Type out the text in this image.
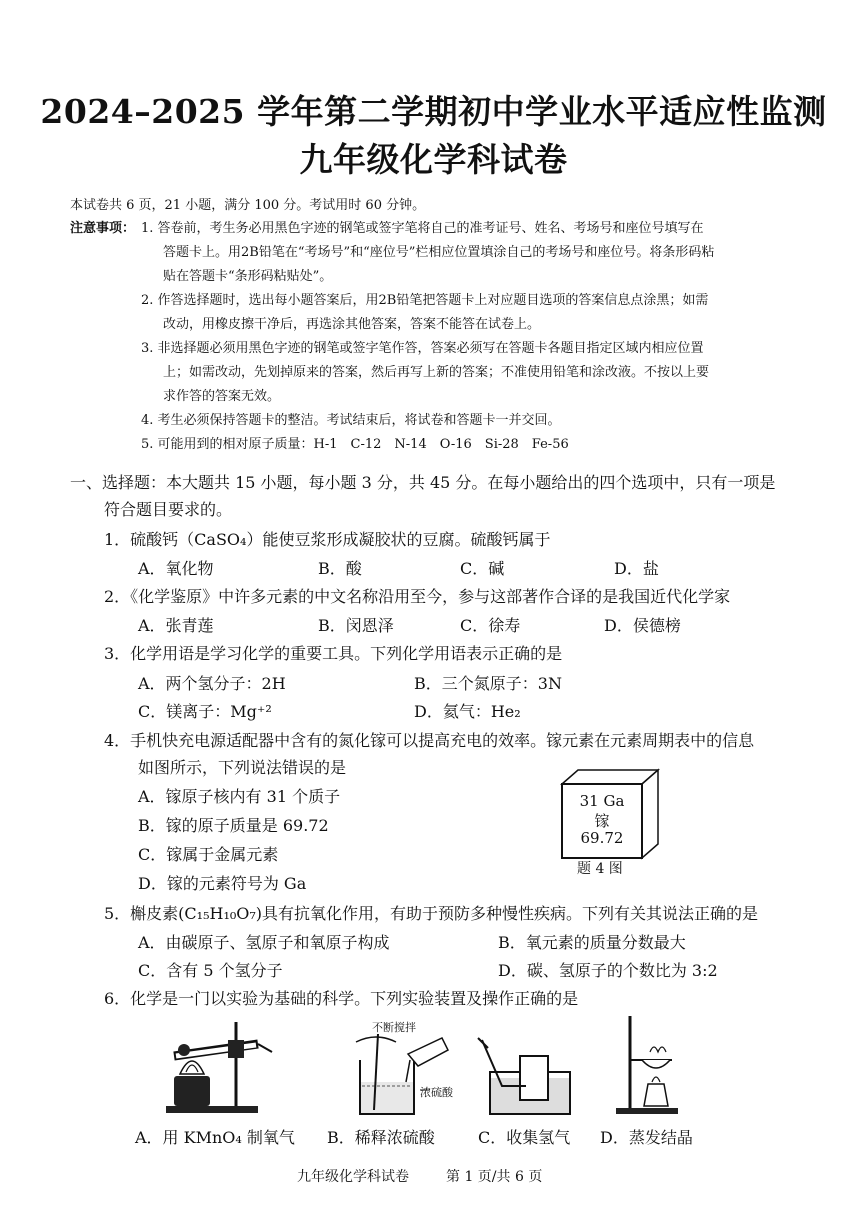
2024–2025 学年第二学期初中学业水平适应性监测
九年级化学科试卷
本试卷共 6 页，21 小题，满分 100 分。考试用时 60 分钟。
注意事项： 1. 答卷前，考生务必用黑色字迹的钢笔或签字笔将自己的准考证号、姓名、考场号和座位号填写在
答题卡上。用2B铅笔在“考场号”和“座位号”栏相应位置填涂自己的考场号和座位号。将条形码粘
贴在答题卡“条形码粘贴处”。
2. 作答选择题时，选出每小题答案后，用2B铅笔把答题卡上对应题目选项的答案信息点涂黑；如需
改动，用橡皮擦干净后，再选涂其他答案，答案不能答在试卷上。
3. 非选择题必须用黑色字迹的钢笔或签字笔作答，答案必须写在答题卡各题目指定区域内相应位置
上；如需改动，先划掉原来的答案，然后再写上新的答案；不准使用铅笔和涂改液。不按以上要
求作答的答案无效。
4. 考生必须保持答题卡的整洁。考试结束后，将试卷和答题卡一并交回。
5. 可能用到的相对原子质量：H-1　C-12　N-14　O-16　Si-28　Fe-56
一、选择题：本大题共 15 小题，每小题 3 分，共 45 分。在每小题给出的四个选项中，只有一项是
符合题目要求的。
1．硫酸钙（CaSO₄）能使豆浆形成凝胶状的豆腐。硫酸钙属于
A．氧化物	B．酸	C．碱	D．盐
2．《化学鉴原》中许多元素的中文名称沿用至今，参与这部著作合译的是我国近代化学家
A．张青莲	B．闵恩泽	C．徐寿	D．侯德榜
3．化学用语是学习化学的重要工具。下列化学用语表示正确的是
A．两个氢分子：2H	B．三个氮原子：3N
C．镁离子：Mg⁺²	D．氦气：He₂
4．手机快充电源适配器中含有的氮化镓可以提高充电的效率。镓元素在元素周期表中的信息
如图所示，下列说法错误的是
A．镓原子核内有 31 个质子
B．镓的原子质量是 69.72
C．镓属于金属元素
D．镓的元素符号为 Ga
31 Ga
镓
69.72
题 4 图
5．槲皮素(C₁₅H₁₀O₇)具有抗氧化作用，有助于预防多种慢性疾病。下列有关其说法正确的是
A．由碳原子、氢原子和氧原子构成	B．氧元素的质量分数最大
C．含有 5 个氢分子	D．碳、氢原子的个数比为 3:2
6．化学是一门以实验为基础的科学。下列实验装置及操作正确的是
A．用 KMnO₄ 制氧气
不断搅拌
浓硫酸
B．稀释浓硫酸	C．收集氢气 D．蒸发结晶
九年级化学科试卷	第 1 页/共 6 页
